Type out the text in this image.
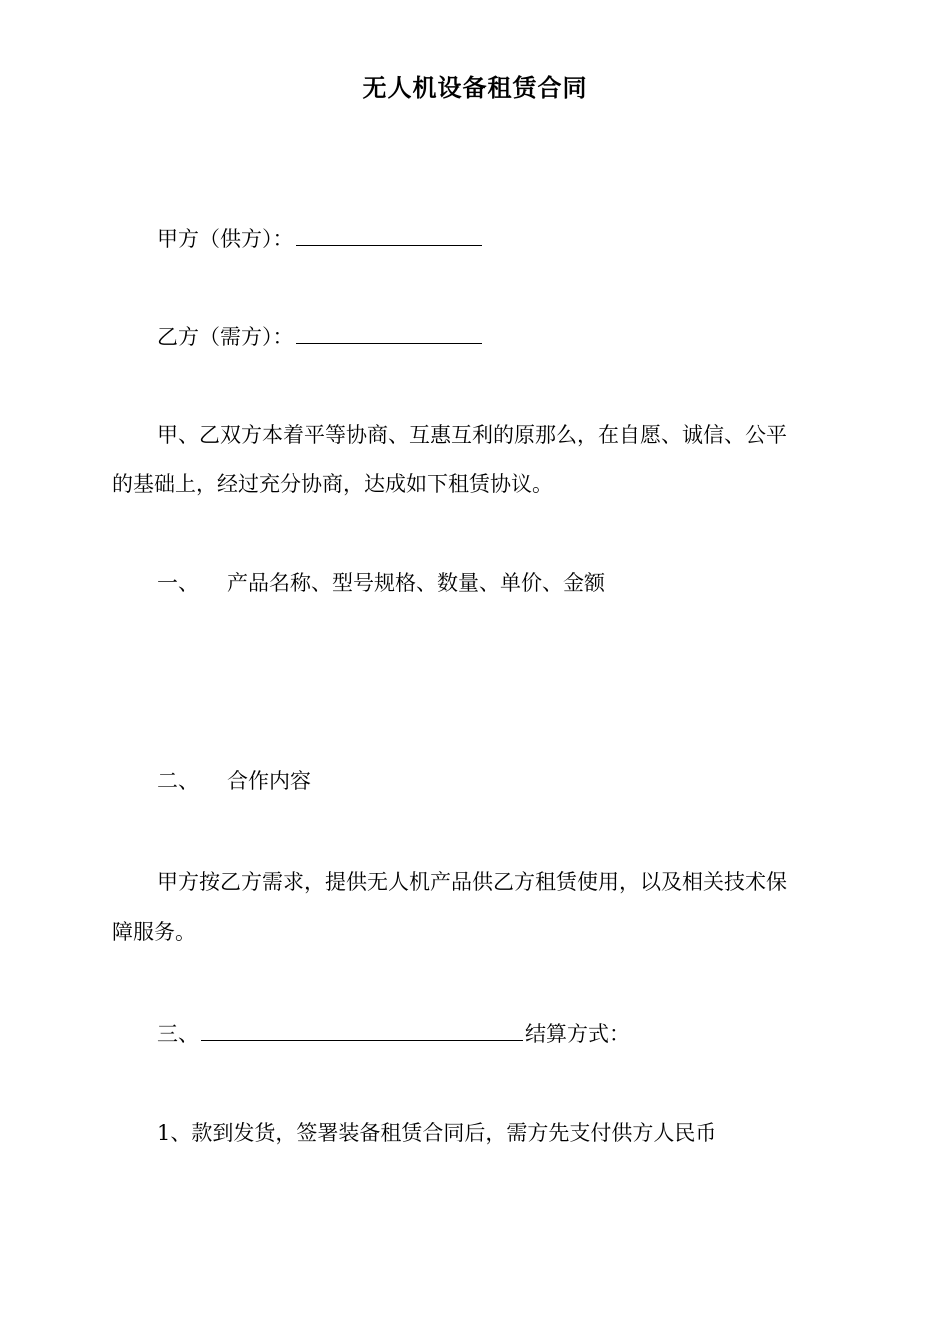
无人机设备租赁合同
甲方（供方）：
乙方（需方）：
甲、乙双方本着平等协商、互惠互利的原那么，在自愿、诚信、公平
的基础上，经过充分协商，达成如下租赁协议。
一、 产品名称、型号规格、数量、单价、金额
二、 合作内容
甲方按乙方需求，提供无人机产品供乙方租赁使用，以及相关技术保
障服务。
三、	结算方式：
1、款到发货，签署装备租赁合同后，需方先支付供方人民币
